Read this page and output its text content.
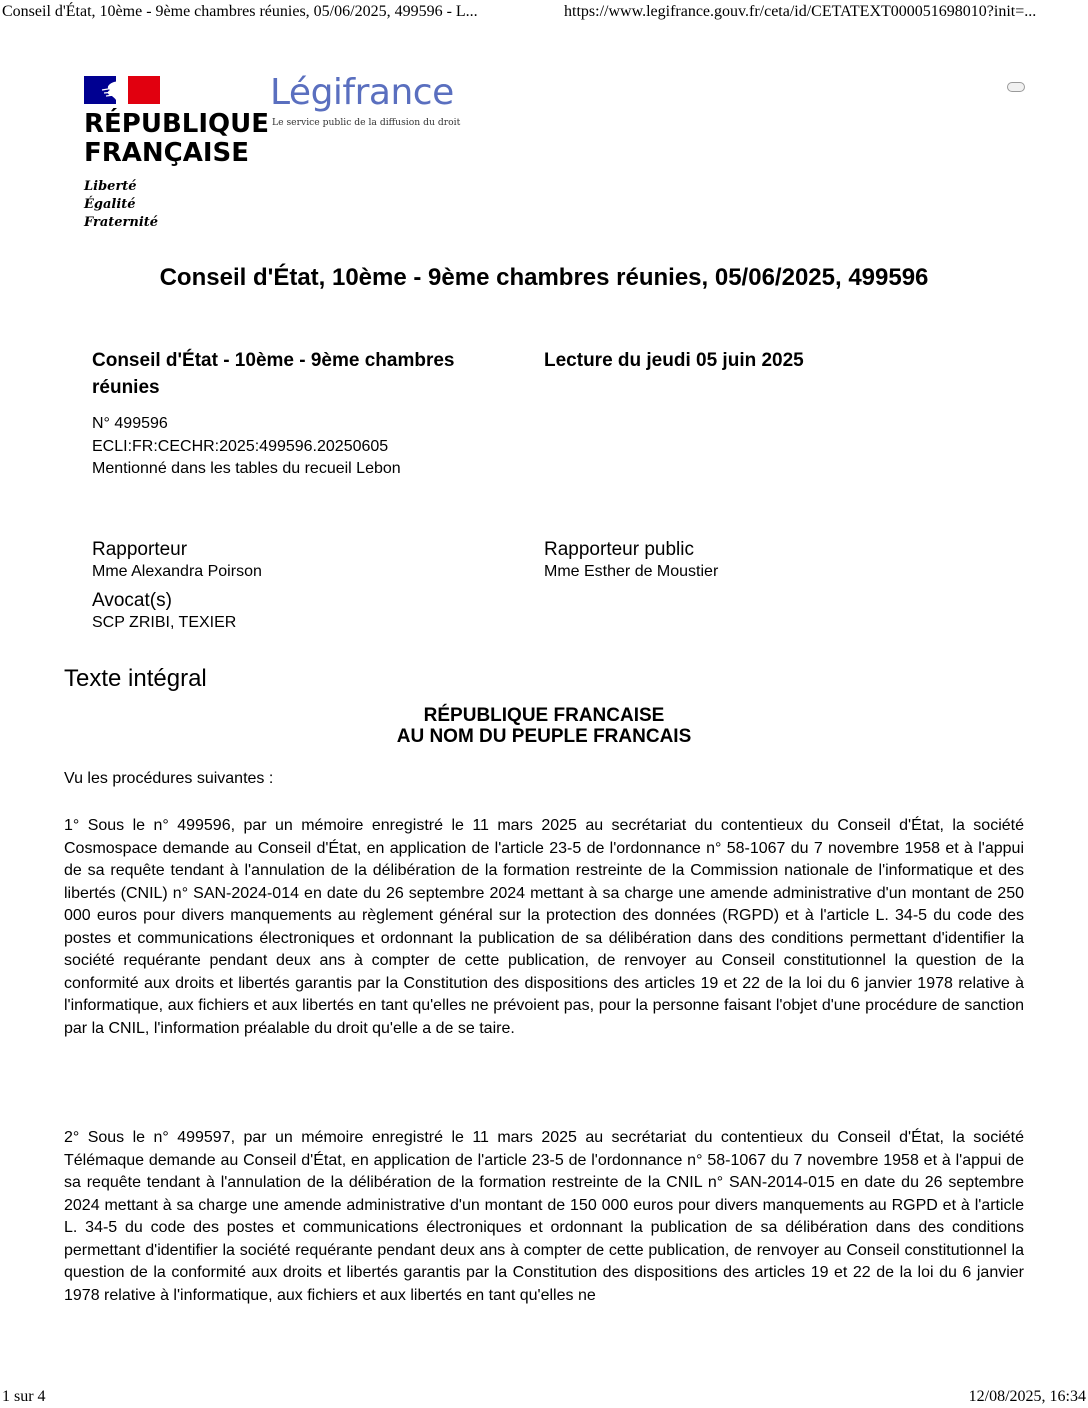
Conseil d'État, 10ème - 9ème chambres réunies, 05/06/2025, 499596 - L...	https://www.legifrance.gouv.fr/ceta/id/CETATEXT000051698010?init=...
RÉPUBLIQUE
FRANÇAISE
Liberté
Égalité
Fraternité
Légifrance
Le service public de la diffusion du droit
Conseil d'État, 10ème - 9ème chambres réunies, 05/06/2025, 499596
Conseil d'État - 10ème - 9ème chambres réunies
N° 499596
ECLI:FR:CECHR:2025:499596.20250605
Mentionné dans les tables du recueil Lebon
Lecture du jeudi 05 juin 2025
Rapporteur
Mme Alexandra Poirson
Rapporteur public
Mme Esther de Moustier
Avocat(s)
SCP ZRIBI, TEXIER
Texte intégral
RÉPUBLIQUE FRANCAISE
AU NOM DU PEUPLE FRANCAIS
Vu les procédures suivantes :

1° Sous le n° 499596, par un mémoire enregistré le 11 mars 2025 au secrétariat du contentieux du Conseil d'État, la société Cosmospace demande au Conseil d'État, en application de l'article 23-5 de l'ordonnance n° 58-1067 du 7 novembre 1958 et à l'appui de sa requête tendant à l'annulation de la délibération de la formation restreinte de la Commission nationale de l'informatique et des libertés (CNIL) n° SAN-2024-014 en date du 26 septembre 2024 mettant à sa charge une amende administrative d'un montant de 250 000 euros pour divers manquements au règlement général sur la protection des données (RGPD) et à l'article L. 34-5 du code des postes et communications électroniques et ordonnant la publication de sa délibération dans des conditions permettant d'identifier la société requérante pendant deux ans à compter de cette publication, de renvoyer au Conseil constitutionnel la question de la conformité aux droits et libertés garantis par la Constitution des dispositions des articles 19 et 22 de la loi du 6 janvier 1978 relative à l'informatique, aux fichiers et aux libertés en tant qu'elles ne prévoient pas, pour la personne faisant l'objet d'une procédure de sanction par la CNIL, l'information préalable du droit qu'elle a de se taire.

2° Sous le n° 499597, par un mémoire enregistré le 11 mars 2025 au secrétariat du contentieux du Conseil d'État, la société Télémaque demande au Conseil d'État, en application de l'article 23-5 de l'ordonnance n° 58-1067 du 7 novembre 1958 et à l'appui de sa requête tendant à l'annulation de la délibération de la formation restreinte de la CNIL n° SAN-2014-015 en date du 26 septembre 2024 mettant à sa charge une amende administrative d'un montant de 150 000 euros pour divers manquements au RGPD et à l'article L. 34-5 du code des postes et communications électroniques et ordonnant la publication de sa délibération dans des conditions permettant d'identifier la société requérante pendant deux ans à compter de cette publication, de renvoyer au Conseil constitutionnel la question de la conformité aux droits et libertés garantis par la Constitution des dispositions des articles 19 et 22 de la loi du 6 janvier 1978 relative à l'informatique, aux fichiers et aux libertés en tant qu'elles ne

1 sur 4	12/08/2025, 16:34
